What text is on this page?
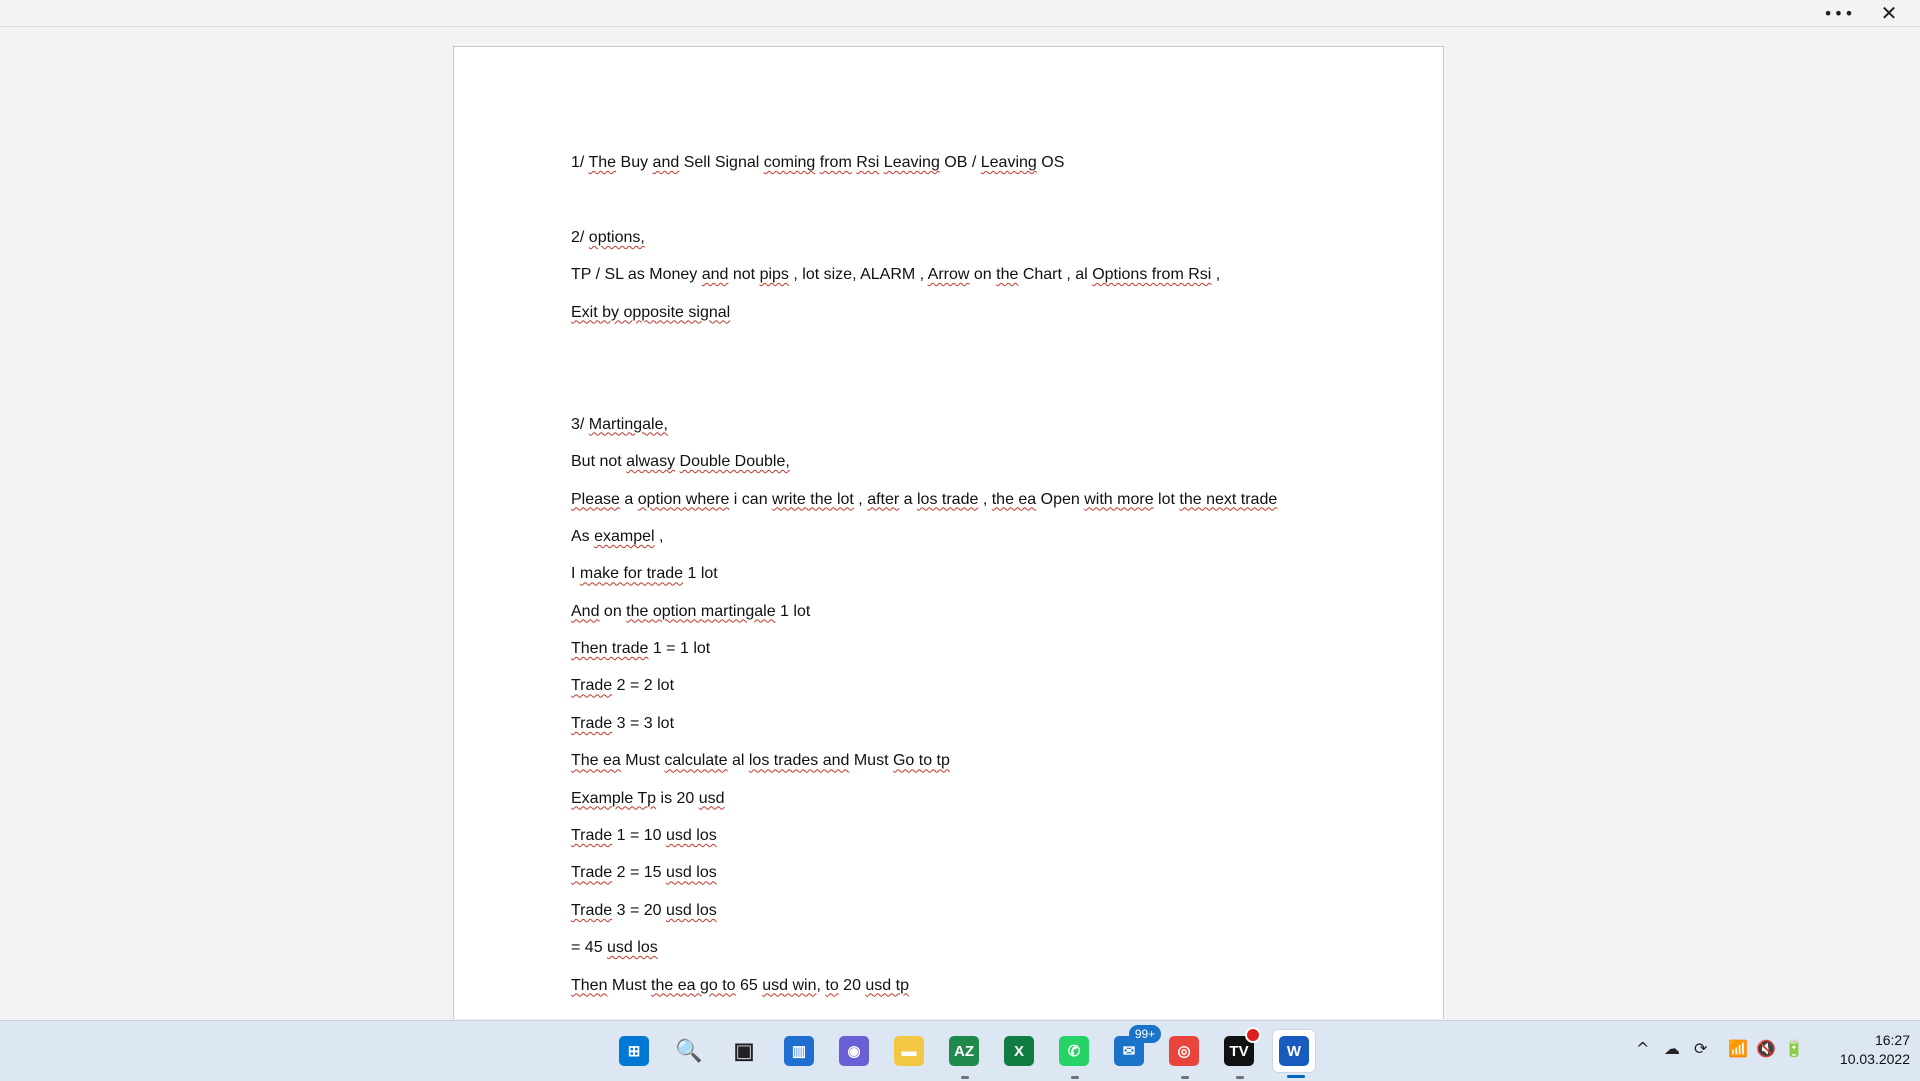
••• ✕

1/ The Buy and Sell Signal coming from Rsi Leaving OB / Leaving OS

2/ options,

TP / SL as Money and not pips , lot size, ALARM , Arrow on the Chart , al Options from Rsi ,

Exit by opposite signal

3/ Martingale,

But not alwasy Double Double,

Please a option where i can write the lot , after a los trade , the ea Open with more lot the next trade

As exampel ,

I make for trade 1 lot

And on the option martingale 1 lot

Then trade 1 = 1 lot

Trade 2 = 2 lot

Trade 3 = 3 lot

The ea Must calculate al los trades and Must Go to tp

Example Tp is 20 usd

Trade 1 = 10 usd los

Trade 2 = 15 usd los

Trade 3 = 20 usd los

= 45 usd los

Then Must the ea go to 65 usd win, to 20 usd tp

⊞ 🔍 ▣	▥	◉	▬	AZ	X	✆	✉
99+
◎	TV	W	^ ☁ ⟳ 📶 🔇 🔋	16:27
10.03.2022
